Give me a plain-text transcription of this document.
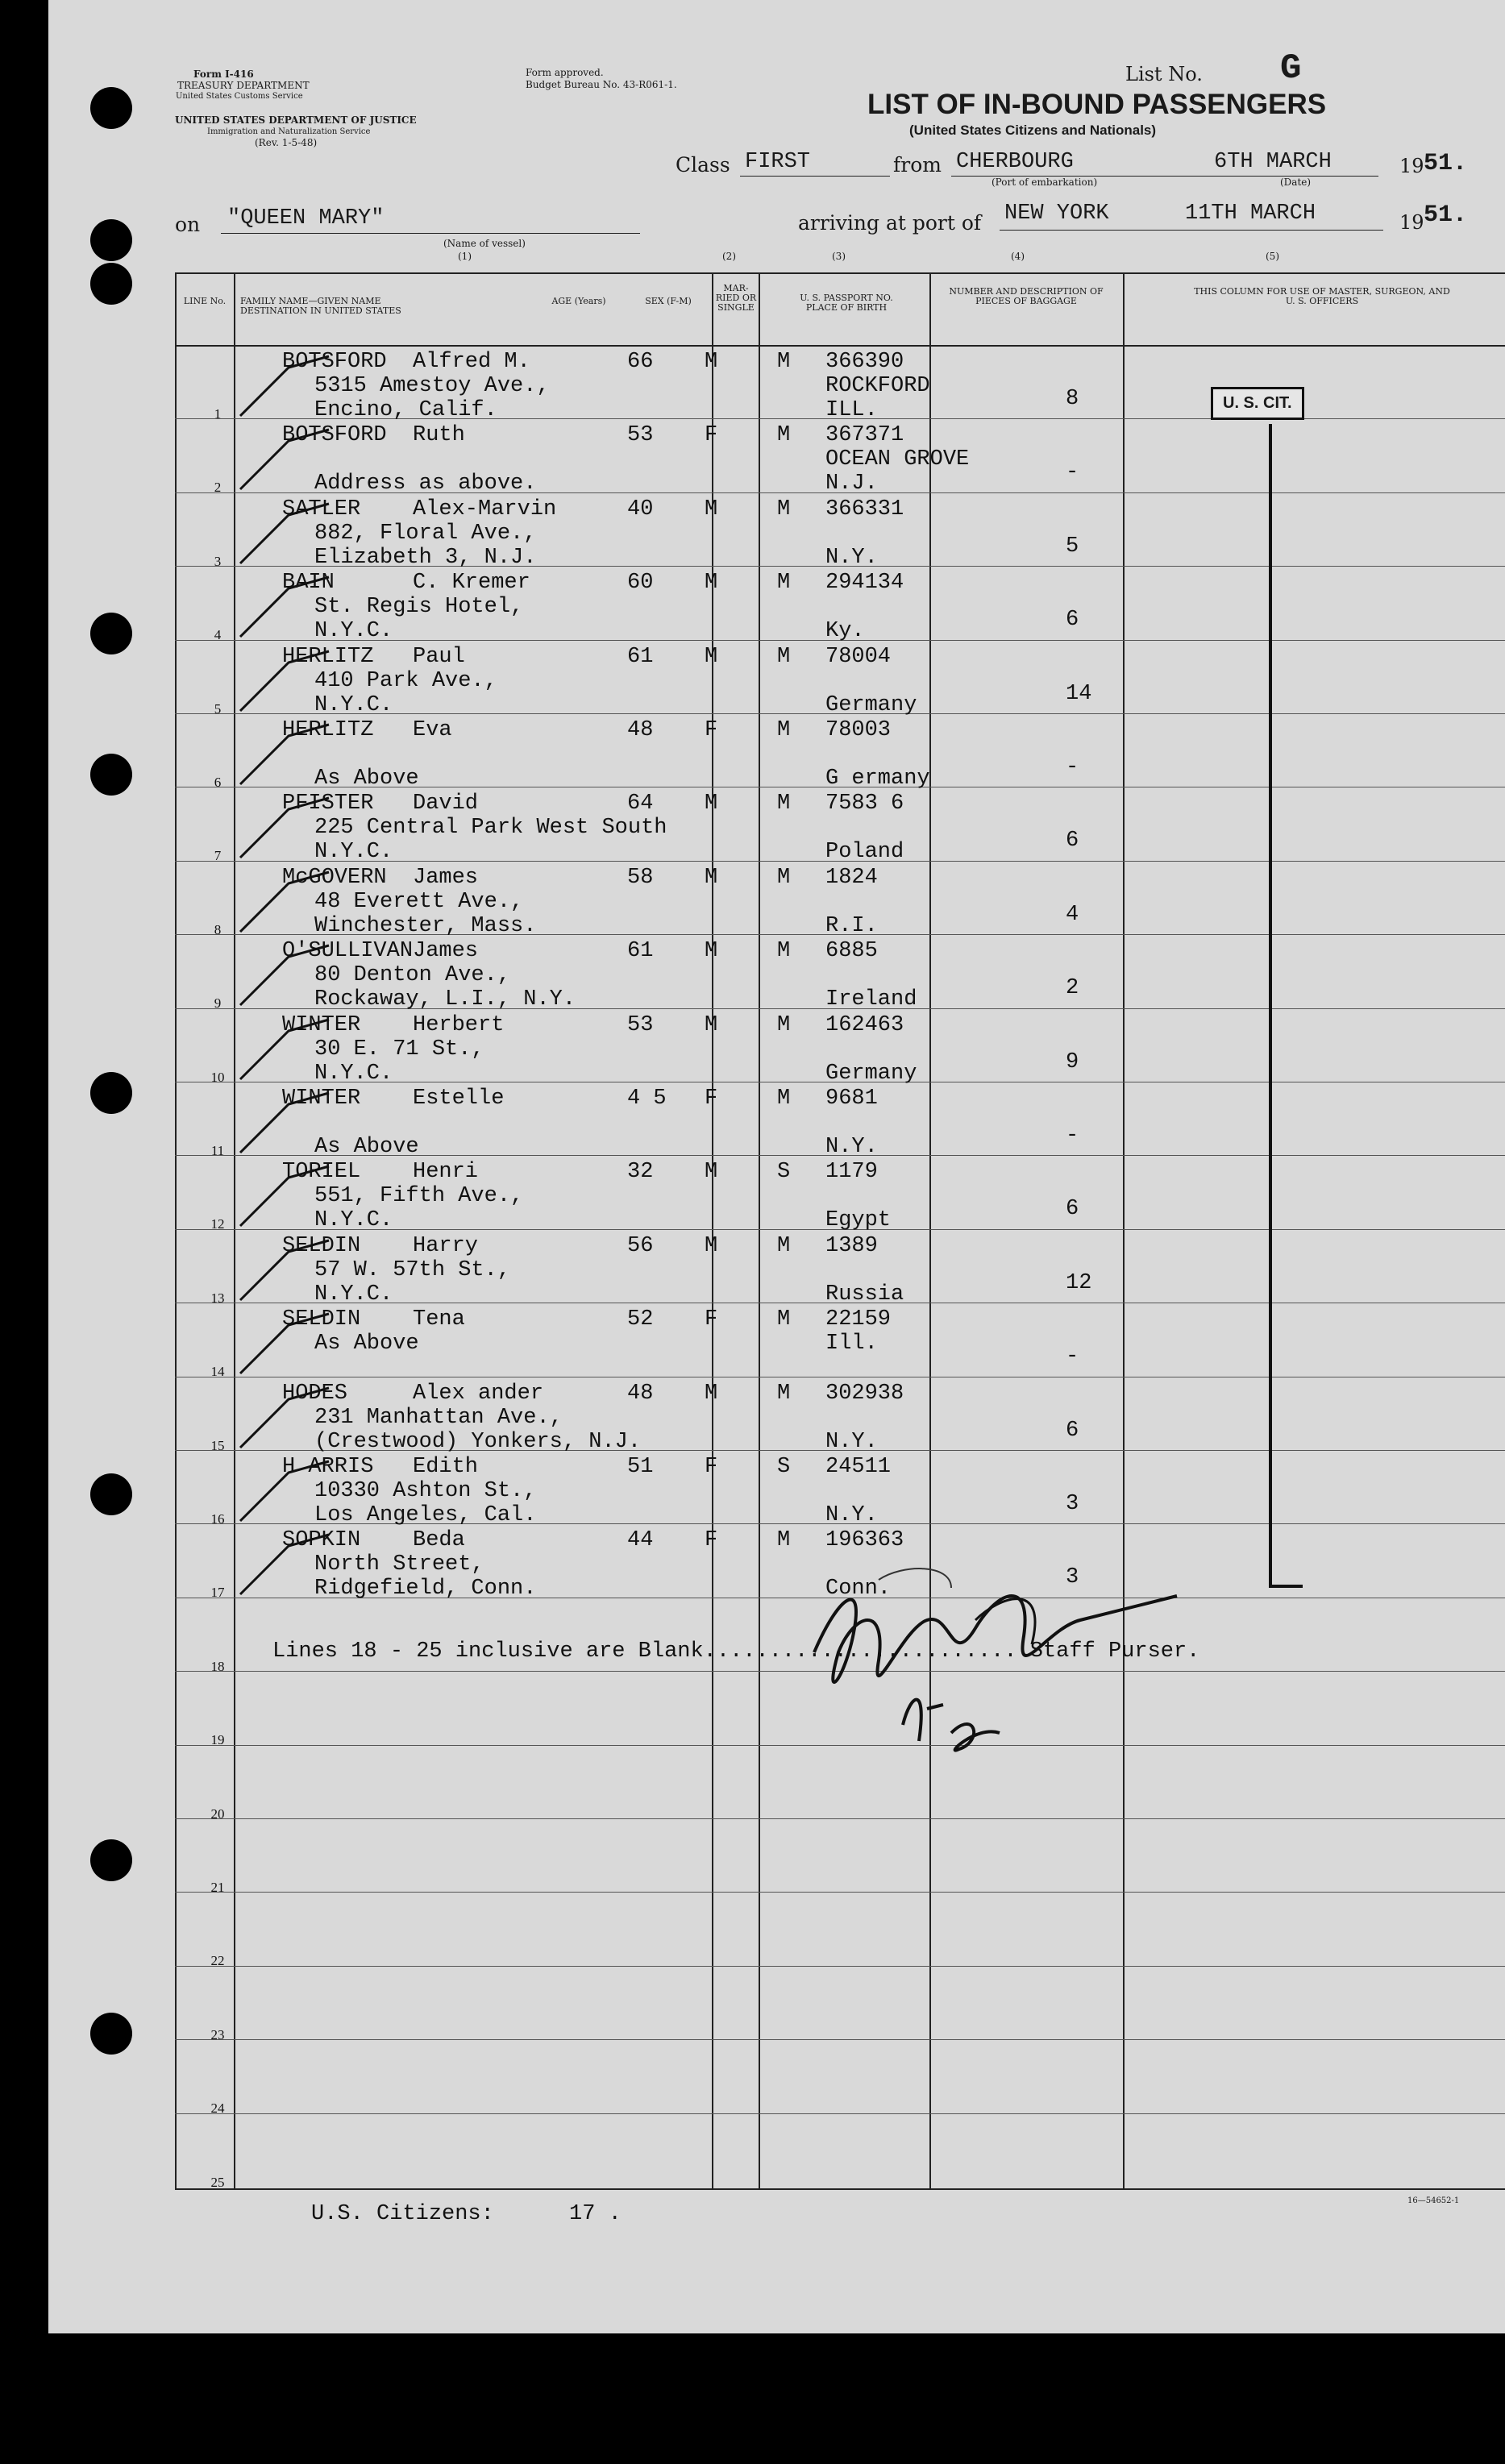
Form I-416
TREASURY DEPARTMENT
United States Customs Service
Form approved.
Budget Bureau No. 43-R061-1.
UNITED STATES DEPARTMENT OF JUSTICE
Immigration and Naturalization Service
(Rev. 1-5-48)
List No. G
LIST OF IN-BOUND PASSENGERS
(United States Citizens and Nationals)
Class FIRST	from CHERBOURG
(Port of embarkation)
6TH MARCH
(Date)
19 51.
on "QUEEN MARY"
(Name of vessel)
arriving at port of NEW YORK	11TH MARCH	19 51.
(1)	(2)	(3)	(4)	(5)
LINE No.	FAMILY NAME—GIVEN NAME DESTINATION IN UNITED STATES
AGE (Years)	SEX (F-M)
MAR-RIED OR SINGLE
U. S. PASSPORT NO. PLACE OF BIRTH
NUMBER AND DESCRIPTION OF PIECES OF BAGGAGE
THIS COLUMN FOR USE OF MASTER, SURGEON, AND U. S. OFFICERS
1
BOTSFORD Alfred M.	66 M	M
5315 Amestoy Ave.,
Encino, Calif.
366390
ROCKFORD
ILL.	8
2
BOTSFORD Ruth	53 F	M
Address as above.
367371
OCEAN GROVE
N.J.	-
3
SATLER Alex-Marvin	40 M	M
882, Floral Ave.,
Elizabeth 3, N.J.
366331
N.Y.	5
4
BAIN	C. Kremer	60 M	M
St. Regis Hotel,
N.Y.C.
294134
Ky.	6
5
HERLITZ Paul	61 M	M
410 Park Ave.,
N.Y.C.
78004
Germany	14
6
HERLITZ Eva	48 F	M
As Above
78003
G ermany	-
7
PFISTER David	64 M	M
225 Central Park West South
N.Y.C.
7583 6
Poland	6
8
McGOVERN James	58 M	M
48 Everett Ave.,
Winchester, Mass.
1824
R.I.	4
9
O'SULLIVAN James	61 M	M
80 Denton Ave.,
Rockaway, L.I., N.Y.
6885
Ireland	2
10
WINTER Herbert	53 M	M
30 E. 71 St.,
N.Y.C.
162463
Germany	9
11
WINTER Estelle	4 5 F	M
As Above
9681
N.Y.	-
12
TORIEL Henri	32 M	S
551, Fifth Ave.,
N.Y.C.
1179
Egypt	6
13
SELDIN Harry	56 M	M
57 W. 57th St.,
N.Y.C.
1389
Russia	12
14
SELDIN Tena	52 F	M
As Above
22159
Ill.
-
15
HODES	Alex ander	48 M	M
231 Manhattan Ave.,
(Crestwood) Yonkers, N.J.
302938
N.Y.	6
16
H ARRIS Edith	51 F	S
10330 Ashton St.,
Los Angeles, Cal.
24511
N.Y.	3
17
SOPKIN Beda	44 F	M
North Street,
Ridgefield, Conn.
196363
Conn.	3
18
19
20
21
22
23
24
25
U. S. CIT.
Lines 18 - 25 inclusive are Blank........................ Staff Purser.
U.S. Citizens:	17 .
16—54652-1
